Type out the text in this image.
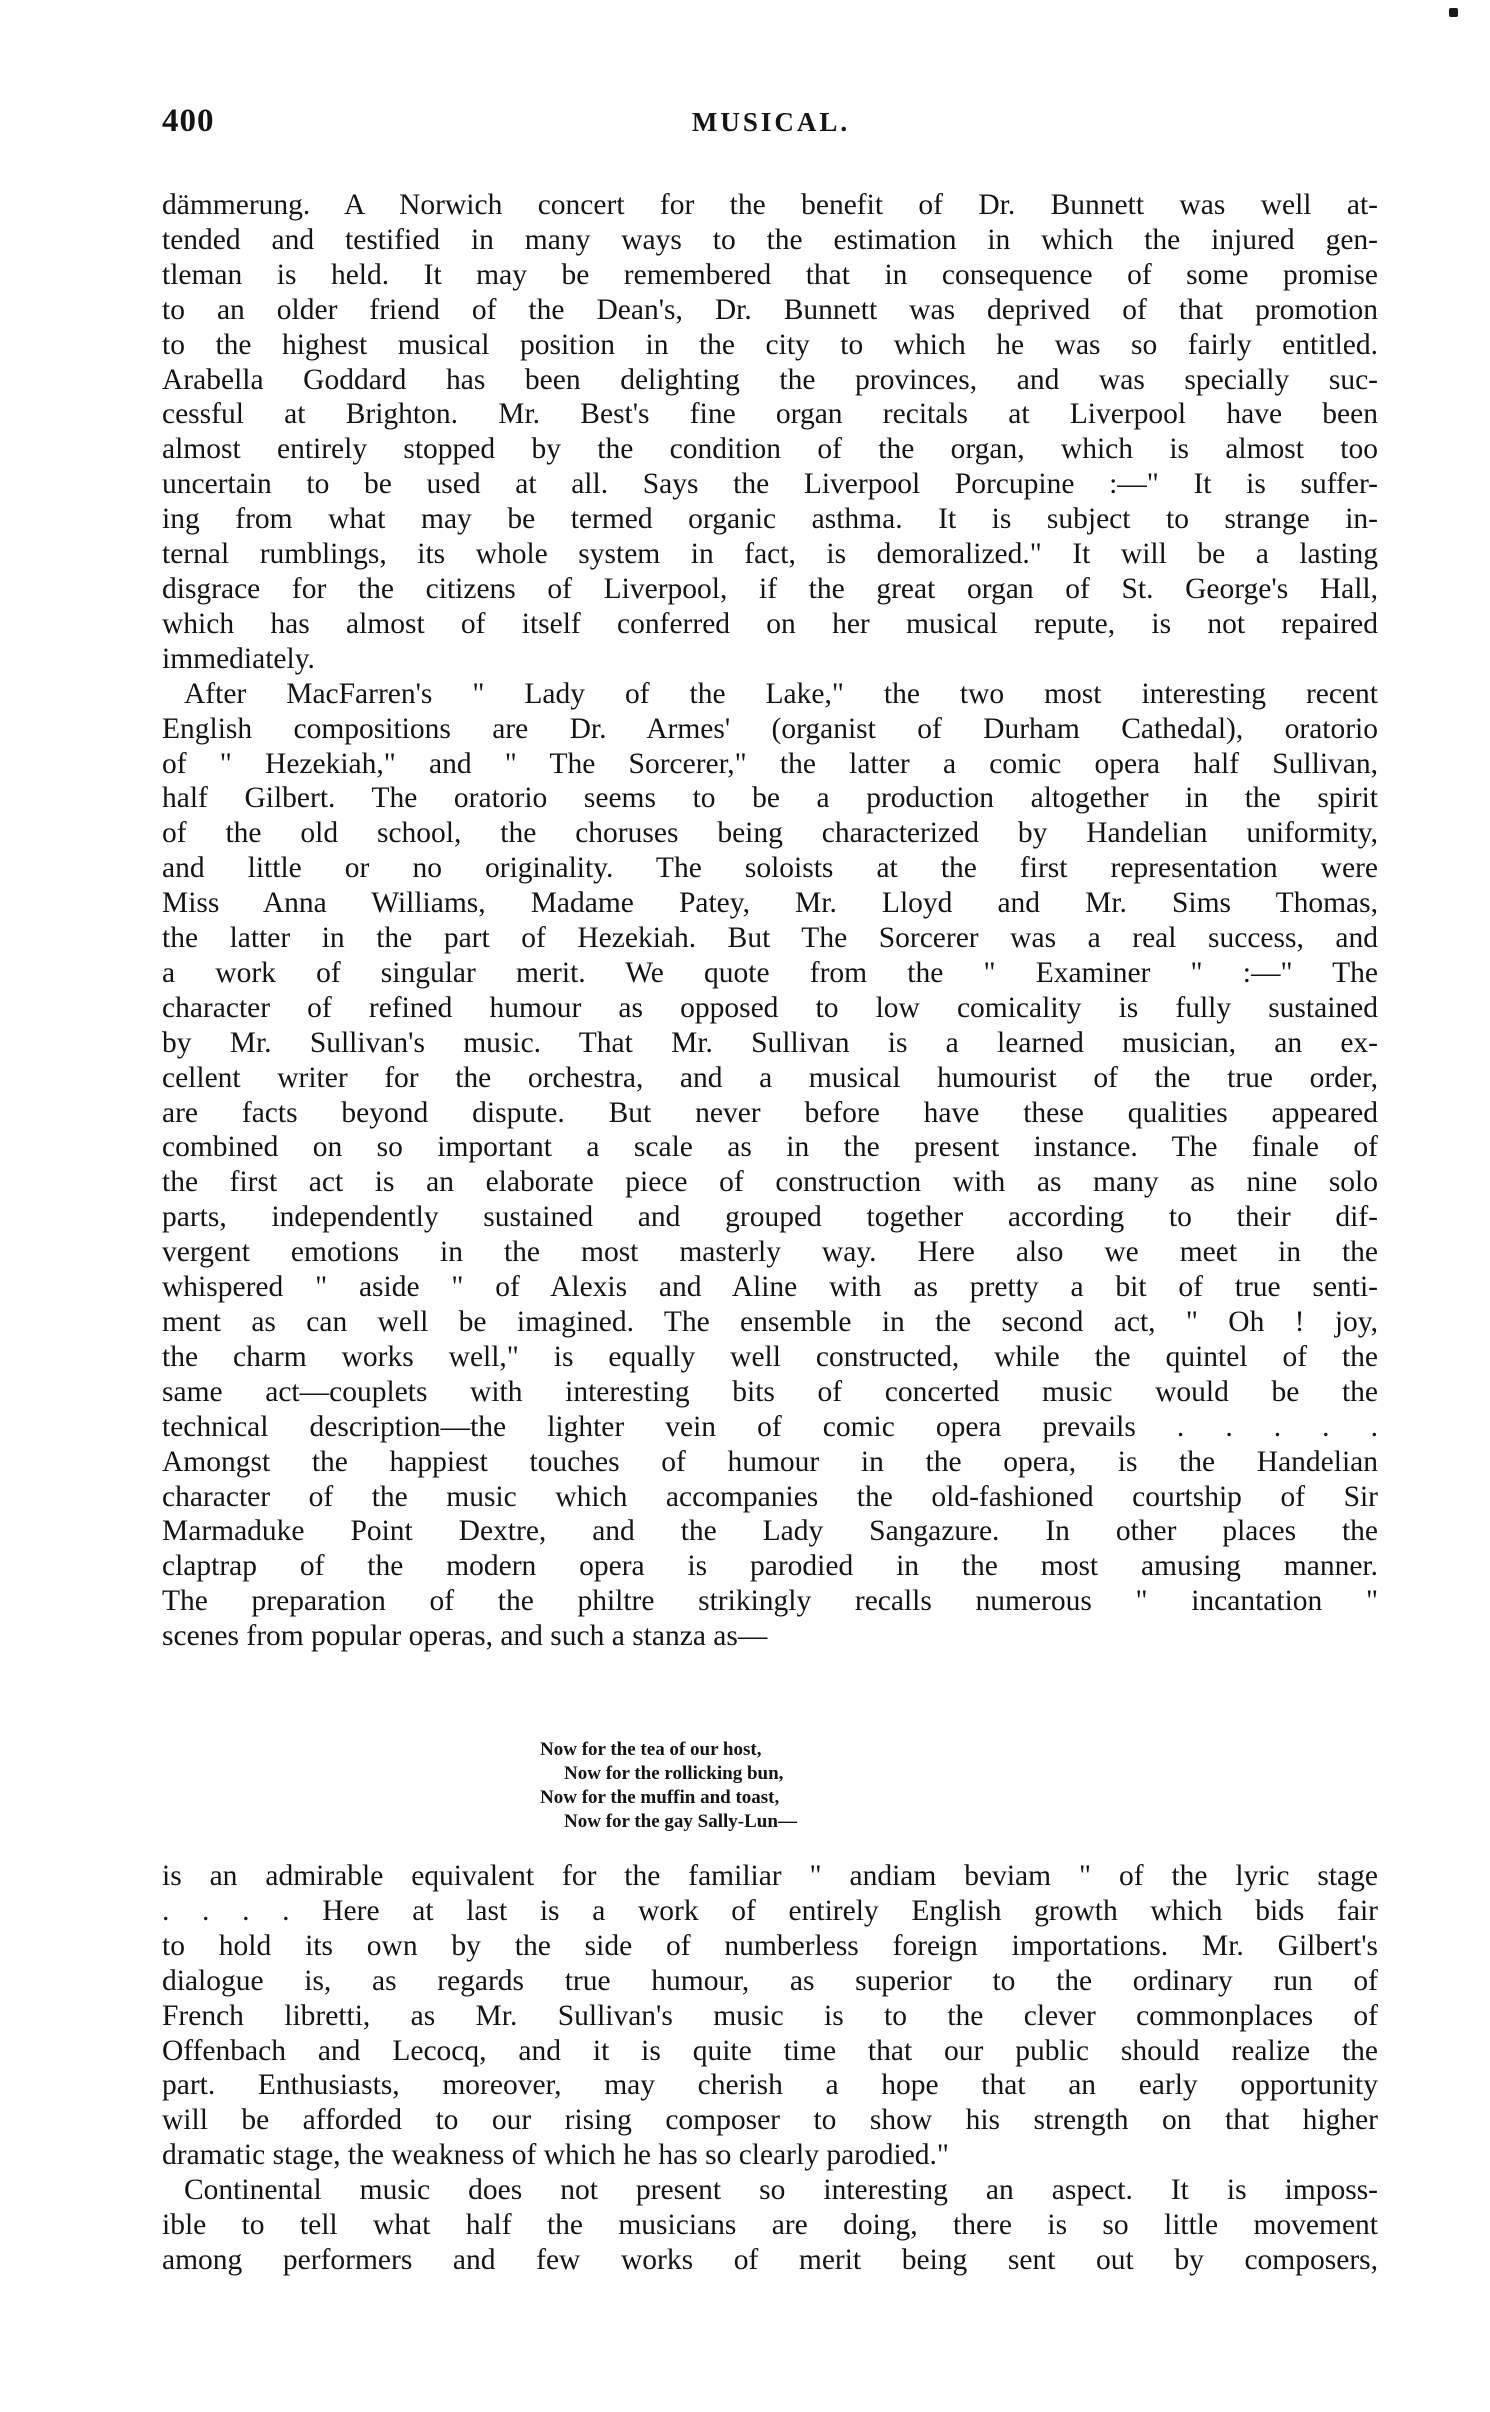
400	MUSICAL.
dämmerung. A Norwich concert for the benefit of Dr. Bunnett was well at-
tended and testified in many ways to the estimation in which the injured gen-
tleman is held. It may be remembered that in consequence of some promise
to an older friend of the Dean's, Dr. Bunnett was deprived of that promotion
to the highest musical position in the city to which he was so fairly entitled.
Arabella Goddard has been delighting the provinces, and was specially suc-
cessful at Brighton. Mr. Best's fine organ recitals at Liverpool have been
almost entirely stopped by the condition of the organ, which is almost too
uncertain to be used at all. Says the Liverpool Porcupine :—" It is suffer-
ing from what may be termed organic asthma. It is subject to strange in-
ternal rumblings, its whole system in fact, is demoralized." It will be a lasting
disgrace for the citizens of Liverpool, if the great organ of St. George's Hall,
which has almost of itself conferred on her musical repute, is not repaired
immediately.
After MacFarren's " Lady of the Lake," the two most interesting recent
English compositions are Dr. Armes' (organist of Durham Cathedal), oratorio
of " Hezekiah," and " The Sorcerer," the latter a comic opera half Sullivan,
half Gilbert. The oratorio seems to be a production altogether in the spirit
of the old school, the choruses being characterized by Handelian uniformity,
and little or no originality. The soloists at the first representation were
Miss Anna Williams, Madame Patey, Mr. Lloyd and Mr. Sims Thomas,
the latter in the part of Hezekiah. But The Sorcerer was a real success, and
a work of singular merit. We quote from the " Examiner " :—" The
character of refined humour as opposed to low comicality is fully sustained
by Mr. Sullivan's music. That Mr. Sullivan is a learned musician, an ex-
cellent writer for the orchestra, and a musical humourist of the true order,
are facts beyond dispute. But never before have these qualities appeared
combined on so important a scale as in the present instance. The finale of
the first act is an elaborate piece of construction with as many as nine solo
parts, independently sustained and grouped together according to their dif-
vergent emotions in the most masterly way. Here also we meet in the
whispered " aside " of Alexis and Aline with as pretty a bit of true senti-
ment as can well be imagined. The ensemble in the second act, " Oh ! joy,
the charm works well," is equally well constructed, while the quintel of the
same act—couplets with interesting bits of concerted music would be the
technical description—the lighter vein of comic opera prevails . . . . .
Amongst the happiest touches of humour in the opera, is the Handelian
character of the music which accompanies the old-fashioned courtship of Sir
Marmaduke Point Dextre, and the Lady Sangazure. In other places the
claptrap of the modern opera is parodied in the most amusing manner.
The preparation of the philtre strikingly recalls numerous " incantation "
scenes from popular operas, and such a stanza as—
Now for the tea of our host,
Now for the rollicking bun,
Now for the muffin and toast,
Now for the gay Sally-Lun—
is an admirable equivalent for the familiar " andiam beviam " of the lyric stage
. . . . Here at last is a work of entirely English growth which bids fair
to hold its own by the side of numberless foreign importations. Mr. Gilbert's
dialogue is, as regards true humour, as superior to the ordinary run of
French libretti, as Mr. Sullivan's music is to the clever commonplaces of
Offenbach and Lecocq, and it is quite time that our public should realize the
part. Enthusiasts, moreover, may cherish a hope that an early opportunity
will be afforded to our rising composer to show his strength on that higher
dramatic stage, the weakness of which he has so clearly parodied."
Continental music does not present so interesting an aspect. It is imposs-
ible to tell what half the musicians are doing, there is so little movement
among performers and few works of merit being sent out by composers,
